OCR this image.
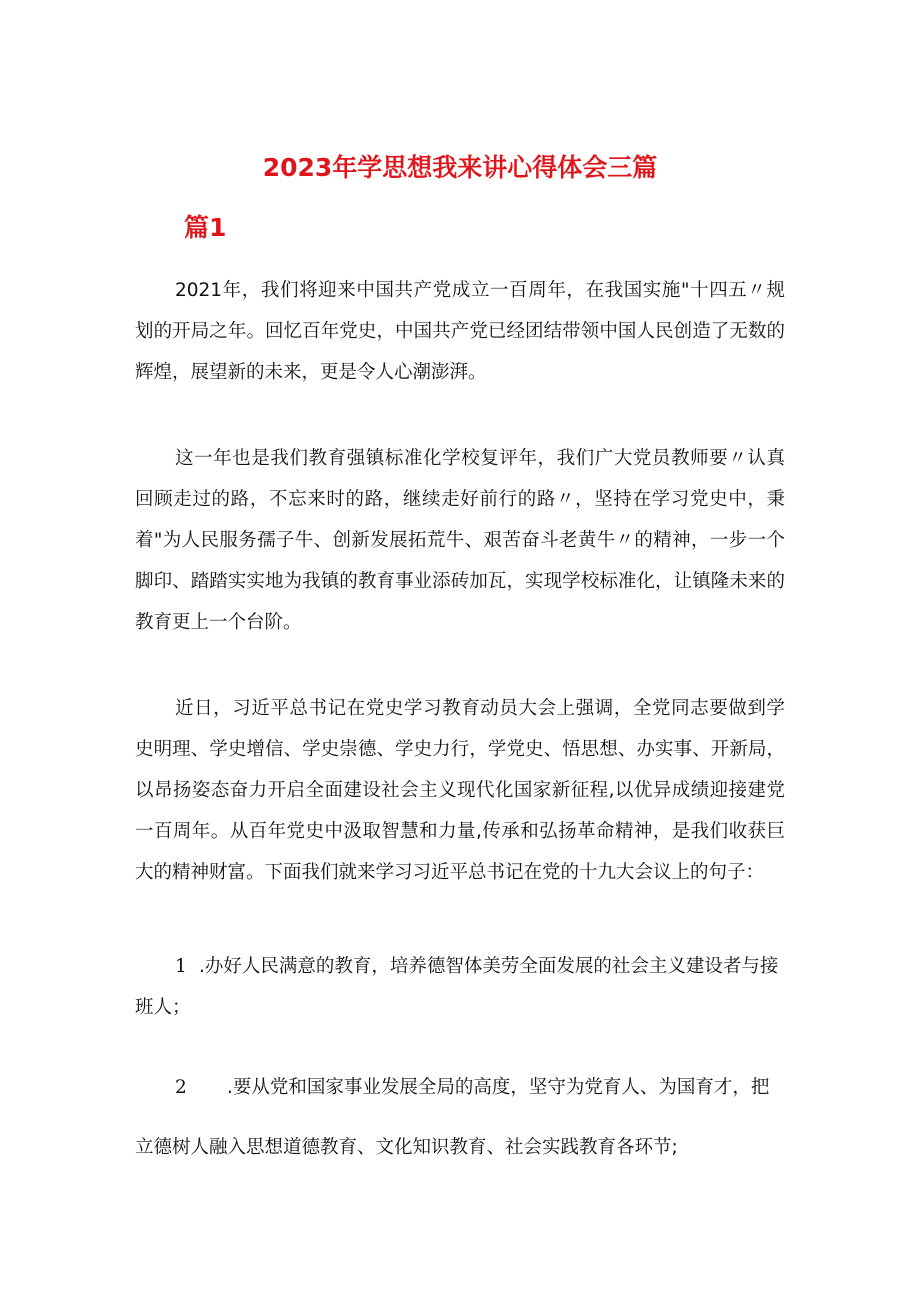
2023年学思想我来讲心得体会三篇
篇1

2021年，我们将迎来中国共产党成立一百周年，在我国实施"十四五〃规划的开局之年。回忆百年党史，中国共产党已经团结带领中国人民创造了无数的辉煌，展望新的未来，更是令人心潮澎湃。

这一年也是我们教育强镇标准化学校复评年，我们广大党员教师要〃认真回顾走过的路，不忘来时的路，继续走好前行的路〃，坚持在学习党史中，秉着"为人民服务孺子牛、创新发展拓荒牛、艰苦奋斗老黄牛〃的精神，一步一个脚印、踏踏实实地为我镇的教育事业添砖加瓦，实现学校标准化，让镇隆未来的教育更上一个台阶。

近日，习近平总书记在党史学习教育动员大会上强调，全党同志要做到学史明理、学史增信、学史崇德、学史力行，学党史、悟思想、办实事、开新局，以昂扬姿态奋力开启全面建设社会主义现代化国家新征程,以优异成绩迎接建党一百周年。从百年党史中汲取智慧和力量,传承和弘扬革命精神，是我们收获巨大的精神财富。下面我们就来学习习近平总书记在党的十九大会议上的句子：

1 .办好人民满意的教育，培养德智体美劳全面发展的社会主义建设者与接班人；

2 .要从党和国家事业发展全局的高度，坚守为党育人、为国育才，把立德树人融入思想道德教育、文化知识教育、社会实践教育各环节;
